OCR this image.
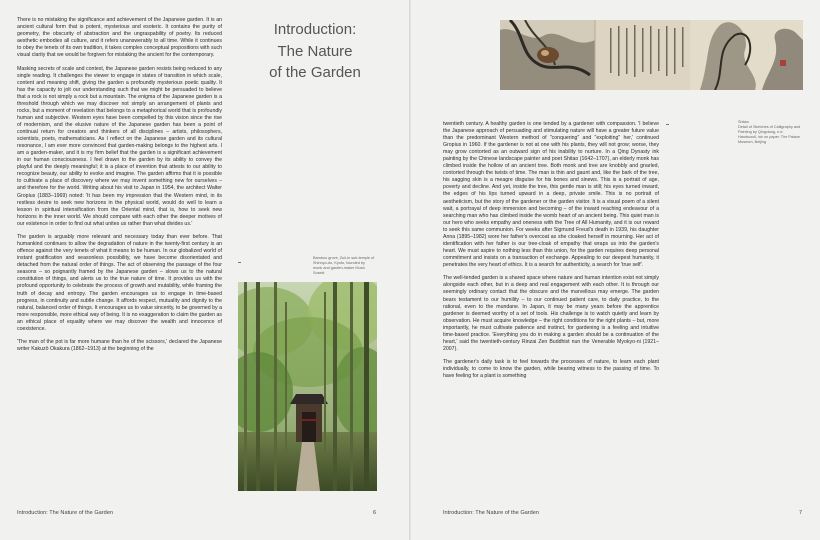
There is no mistaking the significance and achievement of the Japanese garden. It is an ancient cultural form that is potent, mysterious and esoteric. It contains the purity of geometry, the obscurity of abstraction and the ungraspability of poetry. Its reduced aesthetic embodies all culture, and it refers unanswerably to all time. While it continues to obey the tenets of its own tradition, it takes complex conceptual propositions with such visual clarity that we would be forgiven for mistaking the ancient for the contemporary.

Masking secrets of scale and context, the Japanese garden resists being reduced to any single reading. It challenges the viewer to engage in states of transition in which scale, content and meaning shift, giving the garden a profoundly mysterious poetic quality. It has the capacity to jolt our understanding such that we might be persuaded to believe that a rock is not simply a rock but a mountain. The enigma of the Japanese garden is a threshold through which we may discover not simply an arrangement of plants and rocks, but a moment of revelation that belongs to a metaphorical world that is profoundly human and subjective. Western eyes have been compelled by this vision since the rise of modernism, and the elusive nature of the Japanese garden has been a point of continual return for creators and thinkers of all disciplines – artists, philosophers, scientists, poets, mathematicians. As I reflect on the Japanese garden and its cultural resonance, I am ever more convinced that garden-making belongs to the highest arts. I am a garden-maker, and it is my firm belief that the garden is a significant achievement in our human consciousness. I feel drawn to the garden by its ability to convey the playful and the deeply meaningful; it is a place of invention that attests to our ability to recognize beauty, our ability to evoke and imagine. The garden affirms that it is possible to cultivate a place of discovery where we may invent something new for ourselves – and therefore for the world. Writing about his visit to Japan in 1954, the architect Walter Gropius (1883–1969) noted: 'It has been my impression that the Western mind, in its restless desire to seek new horizons in the physical world, would do well to learn a lesson in spiritual intensification from the Oriental mind, that is, how to seek new horizons in the inner world. We should compare with each other the deeper motives of our existence in order to find out what unites us rather than what divides us.'

The garden is arguably more relevant and necessary today than ever before. That humankind continues to allow the degradation of nature in the twenty-first century is an offence against the very tenets of what it means to be human. In our globalized world of instant gratification and seasonless possibility, we have become disorientated and detached from the natural order of things. The act of observing the passage of the four seasons – so poignantly framed by the Japanese garden – slows us to the natural constitution of things, and alerts us to the true nature of time. It provides us with the profound opportunity to celebrate the process of growth and mutability, while framing the truth of decay and entropy. The garden encourages us to engage in time-based progress, in continuity and subtle change. It affords respect, mutuality and dignity to the natural, balanced order of things. It encourages us to value sincerity, to be governed by a more responsible, more ethical way of being. It is no exaggeration to claim the garden as an ethical place of equality where we may discover the wealth and innocence of coexistence.

'The man of the pot is far more humane than he of the scissors,' declared the Japanese writer Kakuzō Okakura (1862–1913) at the beginning of the

Introduction:
The Nature
of the Garden
Bamboo grove, Zuii-in sub-temple of Shinnyo-do, Kyoto, founded by monk and garden-maker Musō Soseki
Introduction: The Nature of the Garden	6

twentieth century. A healthy garden is one tended by a gardener with compassion. 'I believe the Japanese approach of persuading and stimulating nature will have a greater future value than the predominant Western method of "conquering" and "exploiting" her,' continued Gropius in 1960. If the gardener is not at one with his plants, they will not grow; worse, they may grow contorted as an outward sign of his inability to nurture. In a Qing Dynasty ink painting by the Chinese landscape painter and poet Shitao (1642–1707), an elderly monk has climbed inside the hollow of an ancient tree. Both monk and tree are knobbly and gnarled, contorted through the twists of time. The man is thin and gaunt and, like the bark of the tree, his sagging skin is a meagre disguise for his bones and sinews. This is a portrait of age, poverty and decline. And yet, inside the tree, this gentle man is still; his eyes turned inward, the edges of his lips turned upward in a deep, private smile. This is no portrait of aestheticism, but the story of the gardener or the garden visitor. It is a visual poem of a silent wait, a portrayal of deep immersion and becoming – of the inward reaching endeavour of a searching man who has climbed inside the womb heart of an ancient being. This quiet man is our hero who seeks empathy and oneness with the Tree of All Humanity, and it is our reward to seek this same communion. For weeks after Sigmund Freud's death in 1939, his daughter Anna (1895–1982) wore her father's overcoat as she cloaked herself in mourning. Her act of identification with her father is our tree-cloak of empathy that wraps us into the garden's heart. We must aspire to nothing less than this union, for the garden requires deep personal commitment and insists on a transaction of exchange. Appealing to our deepest humanity, it penetrates the very heart of ethics. It is a search for authenticity, a search for 'true self'.

The well-tended garden is a shared space where nature and human intention exist not simply alongside each other, but in a deep and real engagement with each other. It is through our seemingly ordinary contact that the obscure and the marvellous may emerge. The garden bears testament to our humility – to our continued patient care, to daily practice, to the rational, even to the mundane. In Japan, it may be many years before the apprentice gardener is deemed worthy of a set of tools. His challenge is to watch quietly and learn by observation. He must acquire knowledge – the right conditions for the right plants – but, more importantly, he must cultivate patience and instinct, for gardening is a feeling and intuitive time-based practice. 'Everything you do in making a garden should be a continuation of the heart,' said the twentieth-century Rinzai Zen Buddhist nun the Venerable Myokyo-ni (1921–2007).

The gardener's daily task is to feel towards the processes of nature, to learn each plant individually, to come to know the garden, while bearing witness to the passing of time. To have feeling for a plant is something

Shitao
Detail of Sketches of Calligraphy and Painting by Qingxiang, n.d. Handscroll, ink on paper. The Palace Museum, Beijing
Introduction: The Nature of the Garden	7
